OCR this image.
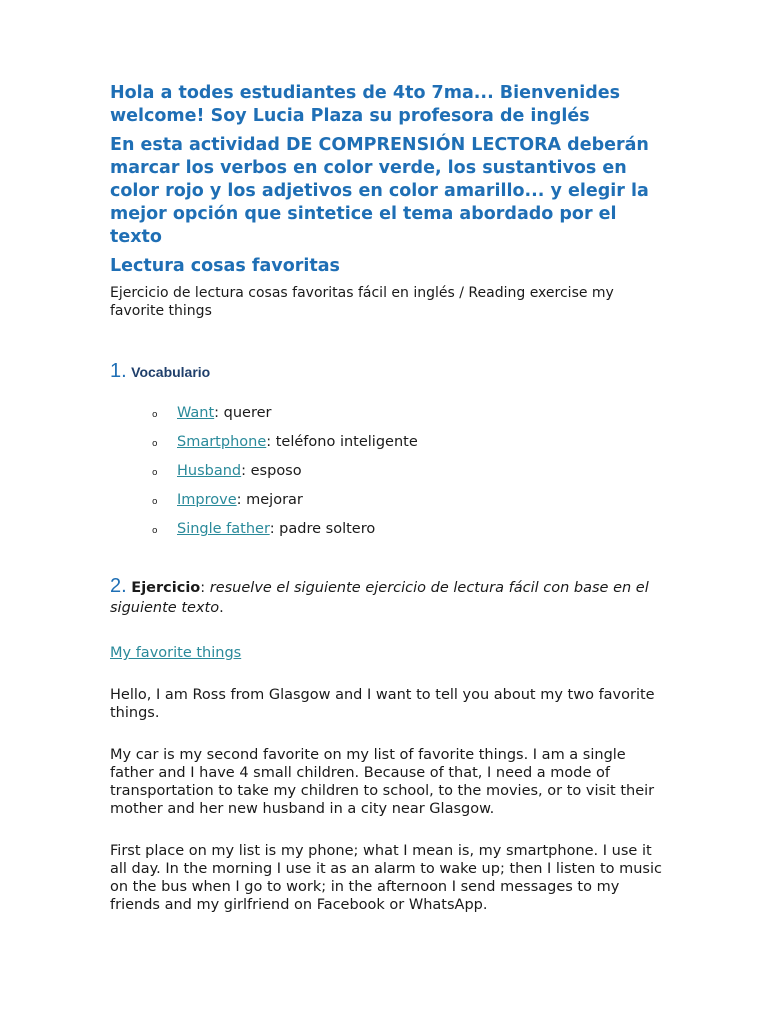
Hola a todes estudiantes de 4to 7ma... Bienvenides welcome! Soy Lucia Plaza su profesora de inglés

En esta actividad DE COMPRENSIÓN LECTORA deberán marcar los verbos en color verde, los sustantivos en color rojo y los adjetivos en color amarillo... y elegir la mejor opción que sintetice el tema abordado por el texto

Lectura cosas favoritas

Ejercicio de lectura cosas favoritas fácil en inglés / Reading exercise my favorite things

1 .
Vocabulario
o	Want: querer
o	Smartphone: teléfono inteligente
o	Husband: esposo
o	Improve: mejorar
o	Single father: padre soltero

2. Ejercicio: resuelve el siguiente ejercicio de lectura fácil con base en el siguiente texto.

My favorite things

Hello, I am Ross from Glasgow and I want to tell you about my two favorite things.

My car is my second favorite on my list of favorite things. I am a single father and I have 4 small children. Because of that, I need a mode of transportation to take my children to school, to the movies, or to visit their mother and her new husband in a city near Glasgow.

First place on my list is my phone; what I mean is, my smartphone. I use it all day. In the morning I use it as an alarm to wake up; then I listen to music on the bus when I go to work; in the afternoon I send messages to my friends and my girlfriend on Facebook or WhatsApp.
